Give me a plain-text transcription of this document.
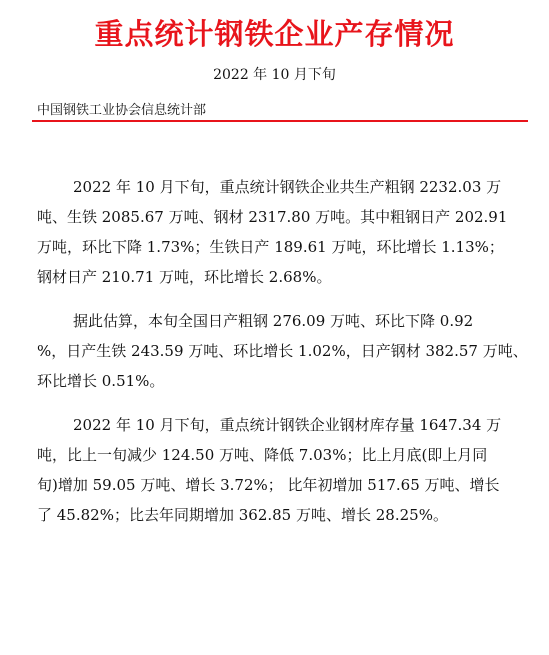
重点统计钢铁企业产存情况
2022 年 10 月下旬
中国钢铁工业协会信息统计部
2022 年 10 月下旬，重点统计钢铁企业共生产粗钢 2232.03 万
吨、生铁 2085.67 万吨、钢材 2317.80 万吨。其中粗钢日产 202.91
万吨，环比下降 1.73%；生铁日产 189.61 万吨，环比增长 1.13%；
钢材日产 210.71 万吨，环比增长 2.68%。
据此估算，本旬全国日产粗钢 276.09 万吨、环比下降 0.92
%，日产生铁 243.59 万吨、环比增长 1.02%，日产钢材 382.57 万吨、
环比增长 0.51%。
2022 年 10 月下旬，重点统计钢铁企业钢材库存量 1647.34 万
吨，比上一旬减少 124.50 万吨、降低 7.03%；比上月底(即上月同
旬)增加 59.05 万吨、增长 3.72%； 比年初增加 517.65 万吨、增长
了 45.82%；比去年同期增加 362.85 万吨、增长 28.25%。
